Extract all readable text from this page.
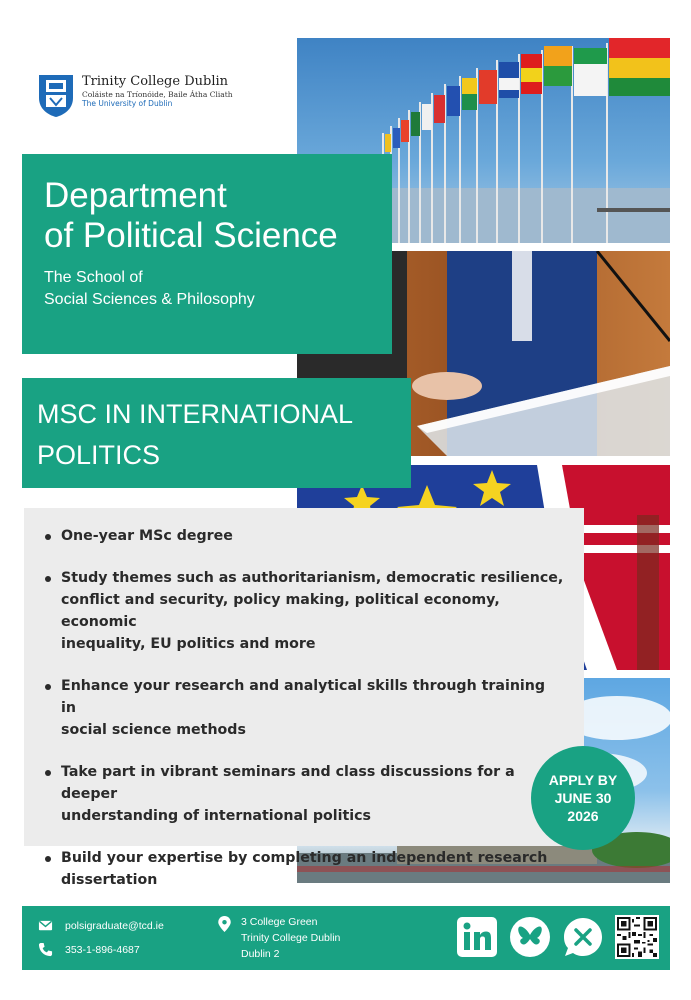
Trinity College Dublin
Coláiste na Tríonóide, Baile Átha Cliath
The University of Dublin
Department
of Political Science
The School of
Social Sciences & Philosophy
MSC IN INTERNATIONAL
POLITICS
One-year MSc degree
Study themes such as authoritarianism, democratic resilience,
conflict and security, policy making, political economy, economic
inequality, EU politics and more
Enhance your research and analytical skills through training in
social science methods
Take part in vibrant seminars and class discussions for a deeper
understanding of international politics
Build your expertise by completing an independent research
dissertation
APPLY BY
JUNE 30
2026
polsigraduate@tcd.ie
353-1-896-4687
3 College Green
Trinity College Dublin
Dublin 2
